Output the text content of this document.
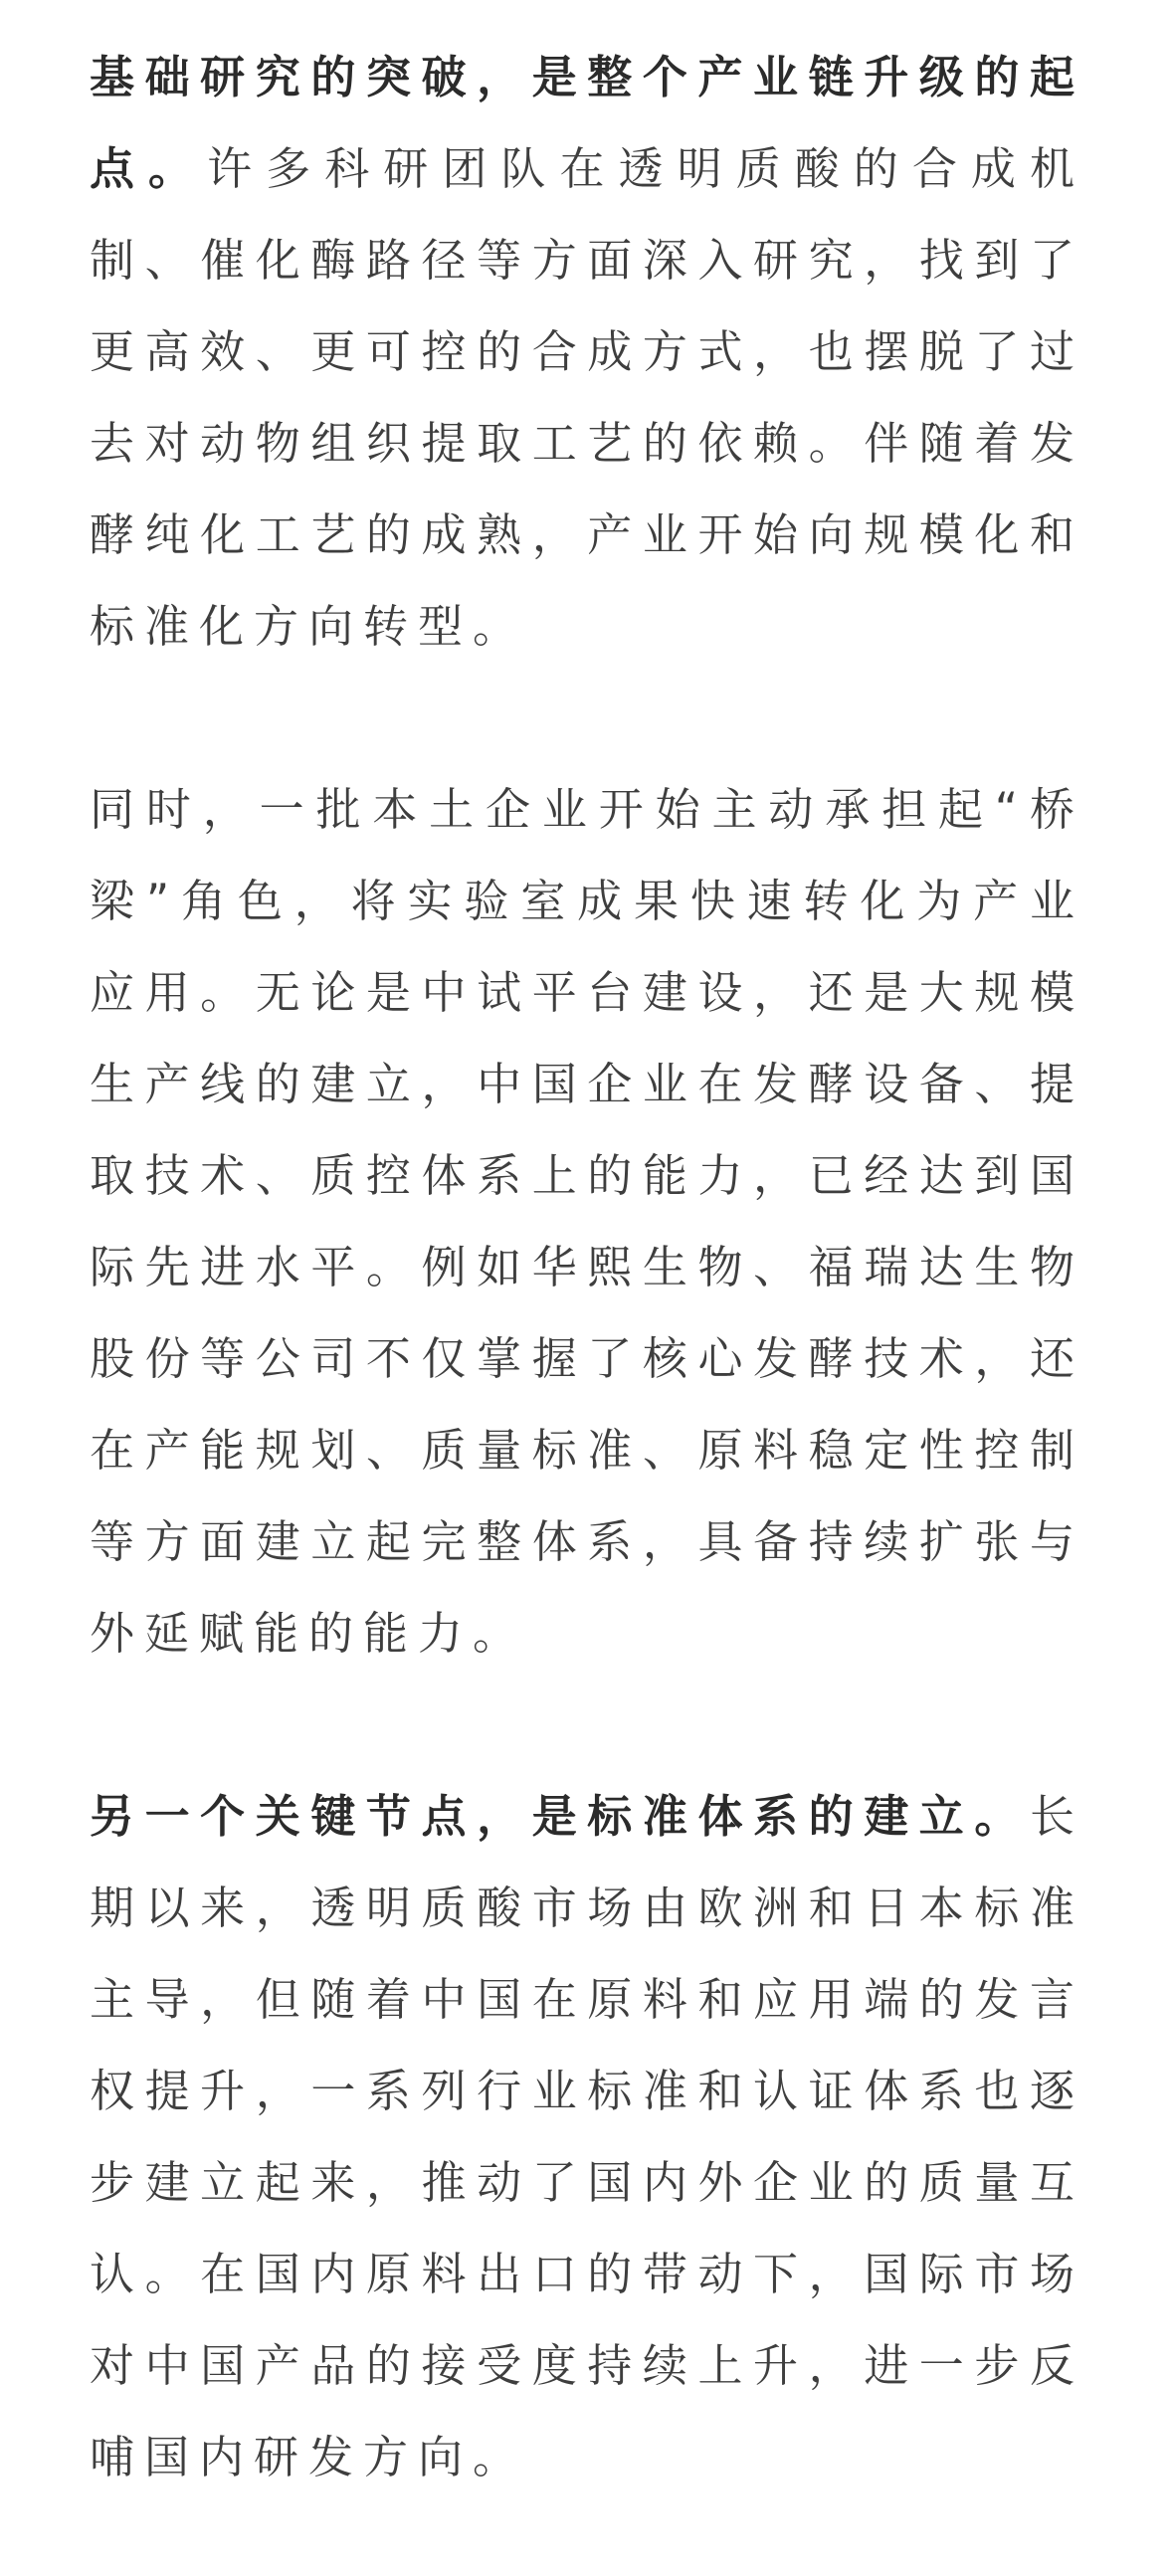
基础研究的突破，是整个产业链升级的起点。许多科研团队在透明质酸的合成机制、催化酶路径等方面深入研究，找到了更高效、更可控的合成方式，也摆脱了过去对动物组织提取工艺的依赖。伴随着发酵纯化工艺的成熟，产业开始向规模化和标准化方向转型。

同时，一批本土企业开始主动承担起“桥梁”角色，将实验室成果快速转化为产业应用。无论是中试平台建设，还是大规模生产线的建立，中国企业在发酵设备、提取技术、质控体系上的能力，已经达到国际先进水平。例如华熙生物、福瑞达生物股份等公司不仅掌握了核心发酵技术，还在产能规划、质量标准、原料稳定性控制等方面建立起完整体系，具备持续扩张与外延赋能的能力。

另一个关键节点，是标准体系的建立。长期以来，透明质酸市场由欧洲和日本标准主导，但随着中国在原料和应用端的发言权提升，一系列行业标准和认证体系也逐步建立起来，推动了国内外企业的质量互认。在国内原料出口的带动下，国际市场对中国产品的接受度持续上升，进一步反哺国内研发方向。
